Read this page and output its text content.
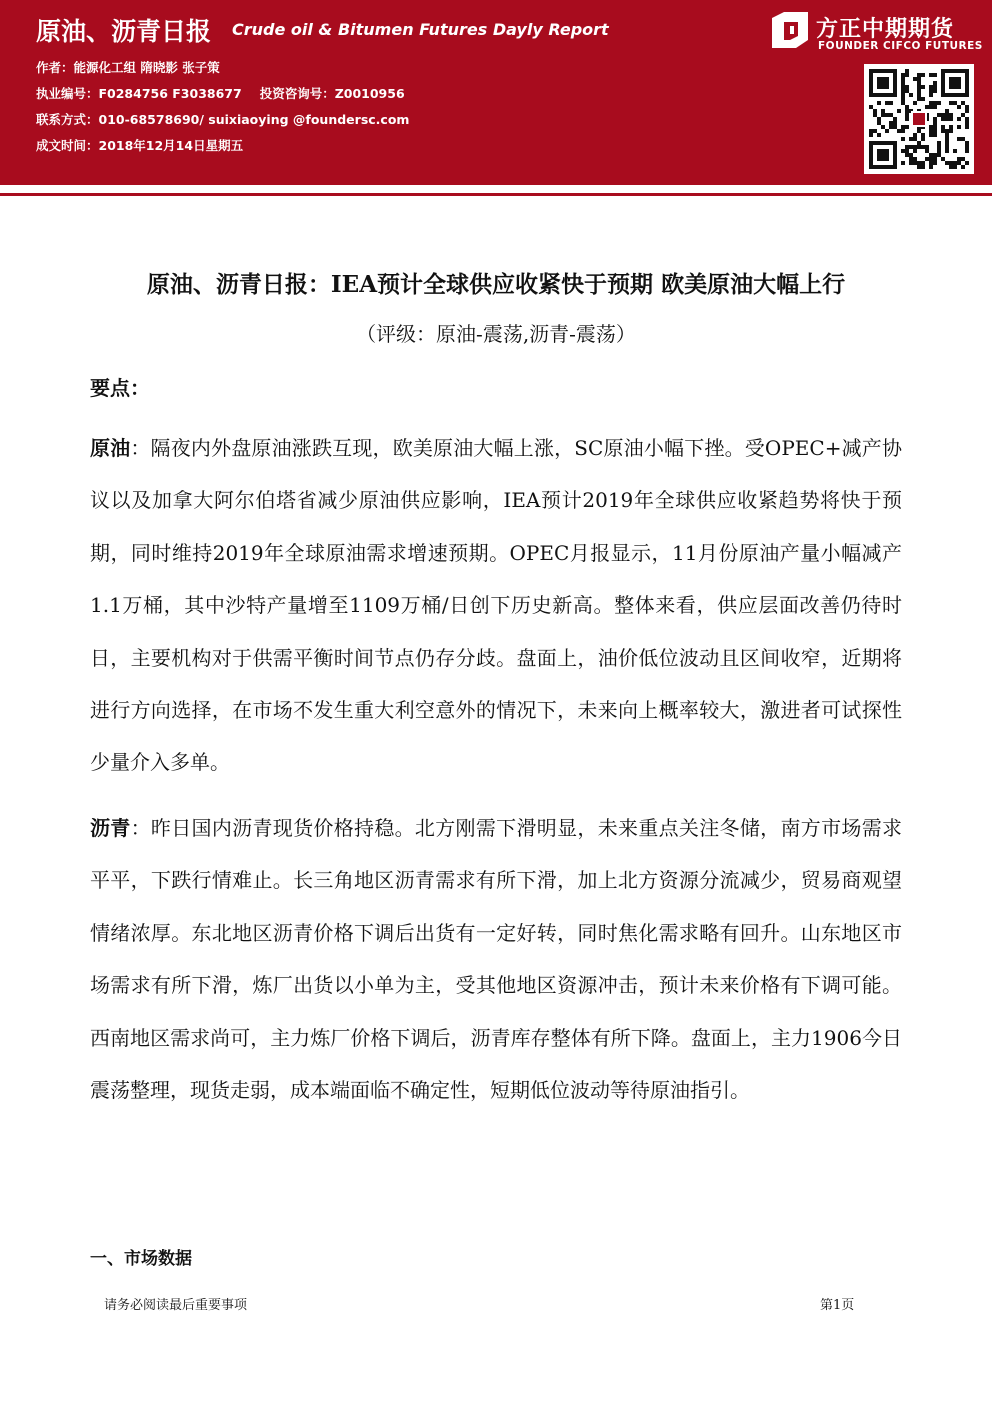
原油、沥青日报 Crude oil & Bitumen Futures Dayly Report
作者：能源化工组 隋晓影 张子策
执业编号：F0284756 F3038677 投资咨询号：Z0010956
联系方式：010-68578690/ suixiaoying @foundersc.com
成文时间：2018年12月14日星期五
方正中期期货
FOUNDER CIFCO FUTURES
原油、沥青日报：IEA预计全球供应收紧快于预期 欧美原油大幅上行
（评级：原油-震荡,沥青-震荡）
要点：
原油：隔夜内外盘原油涨跌互现，欧美原油大幅上涨，SC原油小幅下挫。受OPEC+减产协议以及加拿大阿尔伯塔省减少原油供应影响，IEA预计2019年全球供应收紧趋势将快于预期，同时维持2019年全球原油需求增速预期。OPEC月报显示，11月份原油产量小幅减产1.1万桶，其中沙特产量增至1109万桶/日创下历史新高。整体来看，供应层面改善仍待时日，主要机构对于供需平衡时间节点仍存分歧。盘面上，油价低位波动且区间收窄，近期将进行方向选择，在市场不发生重大利空意外的情况下，未来向上概率较大，激进者可试探性少量介入多单。
沥青：昨日国内沥青现货价格持稳。北方刚需下滑明显，未来重点关注冬储，南方市场需求平平，下跌行情难止。长三角地区沥青需求有所下滑，加上北方资源分流减少，贸易商观望情绪浓厚。东北地区沥青价格下调后出货有一定好转，同时焦化需求略有回升。山东地区市场需求有所下滑，炼厂出货以小单为主，受其他地区资源冲击，预计未来价格有下调可能。西南地区需求尚可，主力炼厂价格下调后，沥青库存整体有所下降。盘面上，主力1906今日震荡整理，现货走弱，成本端面临不确定性，短期低位波动等待原油指引。
一、市场数据
请务必阅读最后重要事项	第1页
